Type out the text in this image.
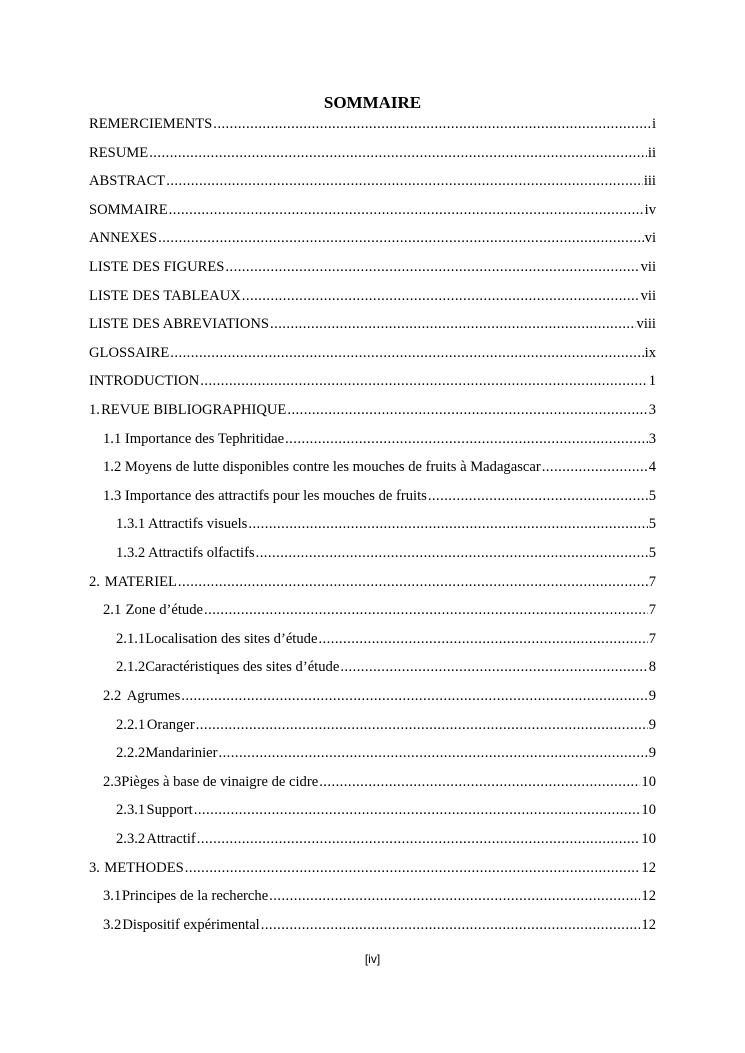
SOMMAIRE
REMERCIEMENTS . . .	i
RESUME . . .	ii
ABSTRACT . . .	iii
SOMMAIRE . . .	iv
ANNEXES . . .	vi
LISTE DES FIGURES . . .	vii
LISTE DES TABLEAUX . . .	vii
LISTE DES ABREVIATIONS . . .	viii
GLOSSAIRE . . .	ix
INTRODUCTION . . .	1
1. REVUE BIBLIOGRAPHIQUE . . .	3
1.1 Importance des Tephritidae . . .	3
1.2 Moyens de lutte disponibles contre les mouches de fruits à Madagascar . . .	4
1.3 Importance des attractifs pour les mouches de fruits . . .	5
1.3.1 Attractifs visuels . . .	5
1.3.2 Attractifs olfactifs . . .	5
2. MATERIEL . . .	7
2.1 Zone d’étude . . .	7
2.1.1 Localisation des sites d’étude . . .	7
2.1.2 Caractéristiques des sites d’étude . . .	8
2.2 Agrumes . . .	9
2.2.1 Oranger . . .	9
2.2.2 Mandarinier . . .	9
2.3 Pièges à base de vinaigre de cidre . . .	10
2.3.1 Support . . .	10
2.3.2 Attractif . . .	10
3. METHODES . . .	12
3.1 Principes de la recherche . . .	12
3.2 Dispositif expérimental . . .	12
[iv]
